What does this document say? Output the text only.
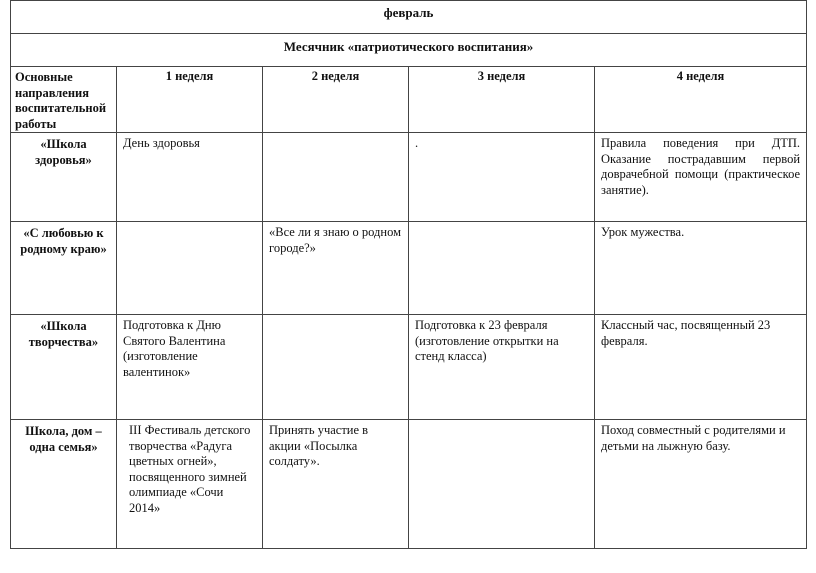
февраль				

Месячник «патриотического воспитания»				

Основные направления воспитательной работы	1 неделя	2 неделя	3 неделя	4 неделя

«Школа здоровья»	День здоровья		.	Правила поведения при ДТП. Оказание пострадавшим первой доврачебной помощи (практическое занятие).

«С любовью к родному краю»		«Все ли я знаю о родном городе?»		Урок мужества.

«Школа творчества»	Подготовка к Дню Святого Валентина (изготовление валентинок»		Подготовка к 23 февраля (изготовление открытки на стенд класса)	Классный час, посвященный 23 февраля.

Школа, дом – одна семья»	III Фестиваль детского творчества «Радуга цветных огней», посвященного зимней олимпиаде «Сочи 2014»	Принять участие в акции «Посылка солдату».		Поход совместный с родителями и детьми на лыжную базу.
